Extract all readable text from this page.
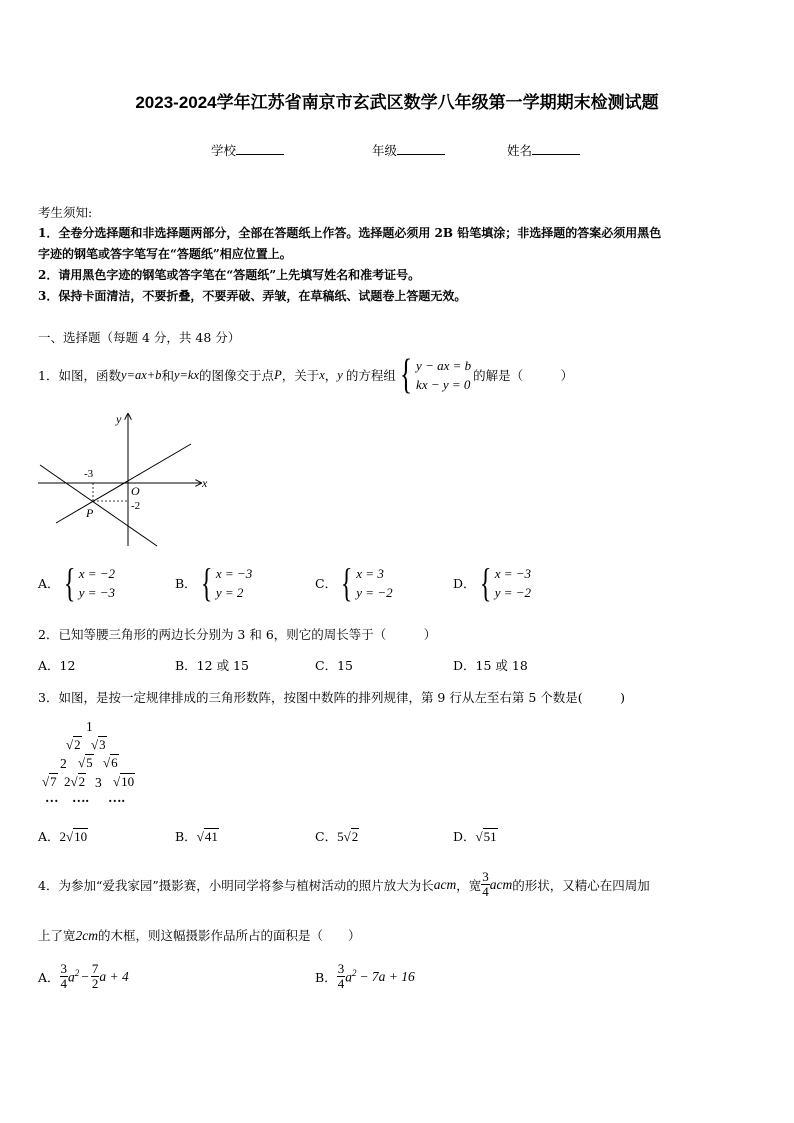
2023-2024学年江苏省南京市玄武区数学八年级第一学期期末检测试题
学校	年级	姓名
考生须知:
1．全卷分选择题和非选择题两部分，全部在答题纸上作答。选择题必须用 2B 铅笔填涂；非选择题的答案必须用黑色
字迹的钢笔或答字笔写在“答题纸”相应位置上。
2．请用黑色字迹的钢笔或答字笔在“答题纸”上先填写姓名和准考证号。
3．保持卡面清洁，不要折叠，不要弄破、弄皱，在草稿纸、试题卷上答题无效。
一、选择题（每题 4 分，共 48 分）
1．如图，函数 y=ax+b 和 y=kx 的图像交于点 P ，关于 x ， y 的方程组 { y − ax = b
kx − y = 0
的解是（　　　）
y
x
O
P
-3
-2
A． { x = −2
y = −3
B． { x = −3
y = 2
C． { x = 3
y = −2
D． { x = −3
y = −2
2．已知等腰三角形的两边长分别为 3 和 6，则它的周长等于（　　　）
A．12	B．12 或 15	C．15	D．15 或 18
3．如图，是按一定规律排成的三角形数阵，按图中数阵的排列规律，第 9 行从左至右第 5 个数是(　　　)
1
√2 √3
2 √5 √6
√7 2√2 3 √10
… …. ….
A．2√10	B．√41	C．5√2	D．√51
4．为参加“爱我家园”摄影赛，小明同学将参与植树活动的照片放大为长 acm ，宽 $\frac{3}{4}$ acm 的形状，又精心在四周加
上了宽2cm的木框，则这幅摄影作品所占的面积是（　　）
A． $\frac{3}{4} a^2 - \frac{7}{2}$ a + 4	B． $\frac{3}{4} a^2 - 7a + 16$
